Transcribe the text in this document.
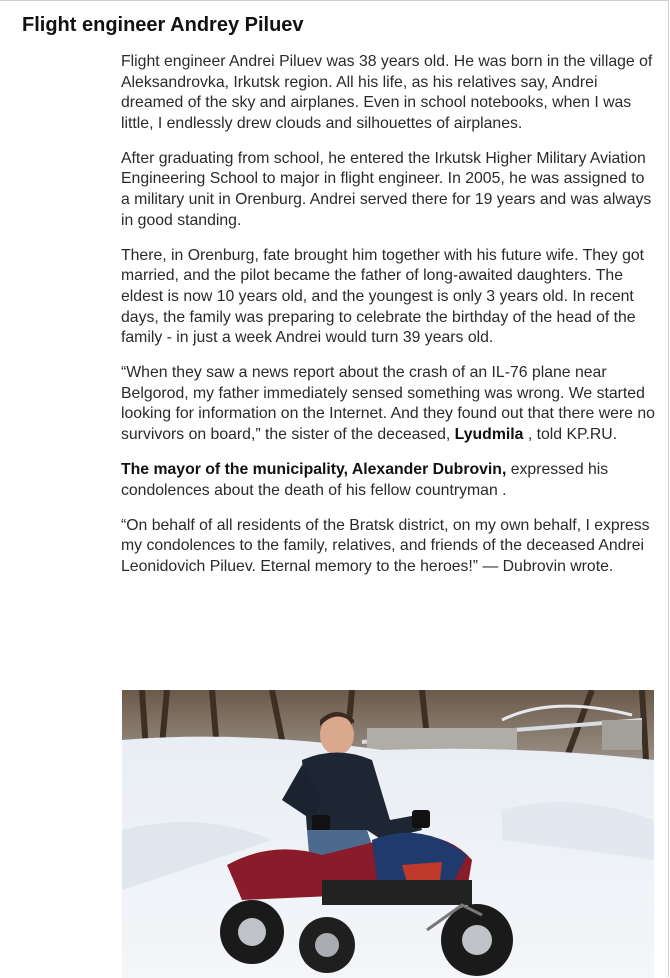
Flight engineer Andrey Piluev

Flight engineer Andrei Piluev was 38 years old. He was born in the village of Aleksandrovka, Irkutsk region. All his life, as his relatives say, Andrei dreamed of the sky and airplanes. Even in school notebooks, when I was little, I endlessly drew clouds and silhouettes of airplanes.

After graduating from school, he entered the Irkutsk Higher Military Aviation Engineering School to major in flight engineer. In 2005, he was assigned to a military unit in Orenburg. Andrei served there for 19 years and was always in good standing.

There, in Orenburg, fate brought him together with his future wife. They got married, and the pilot became the father of long-awaited daughters. The eldest is now 10 years old, and the youngest is only 3 years old. In recent days, the family was preparing to celebrate the birthday of the head of the family - in just a week Andrei would turn 39 years old.

“When they saw a news report about the crash of an IL-76 plane near Belgorod, my father immediately sensed something was wrong. We started looking for information on the Internet. And they found out that there were no survivors on board,” the sister of the deceased, Lyudmila , told KP.RU.

The mayor of the municipality, Alexander Dubrovin, expressed his condolences about the death of his fellow countryman .

“On behalf of all residents of the Bratsk district, on my own behalf, I express my condolences to the family, relatives, and friends of the deceased Andrei Leonidovich Piluev. Eternal memory to the heroes!” — Dubrovin wrote.
